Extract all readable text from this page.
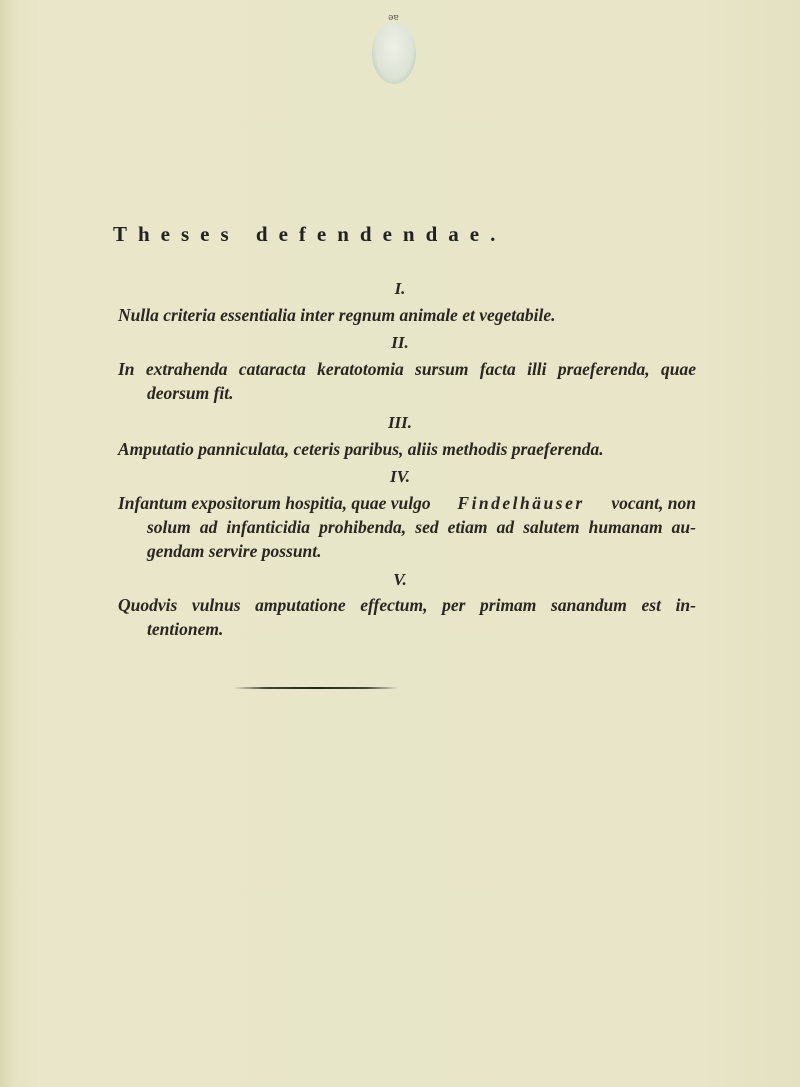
ae
Theses defendendae.
I.
Nulla criteria essentialia inter regnum animale et vegetabile.
II.
In extrahenda cataracta keratotomia sursum facta illi praeferenda, quae
deorsum fit.
III.
Amputatio panniculata, ceteris paribus, aliis methodis praeferenda.
IV.
Infantum expositorum hospitia, quae vulgo Findelhäuser vocant, non
solum ad infanticidia prohibenda, sed etiam ad salutem humanam au-
gendam servire possunt.
V.
Quodvis vulnus amputatione effectum, per primam sanandum est in-
tentionem.
